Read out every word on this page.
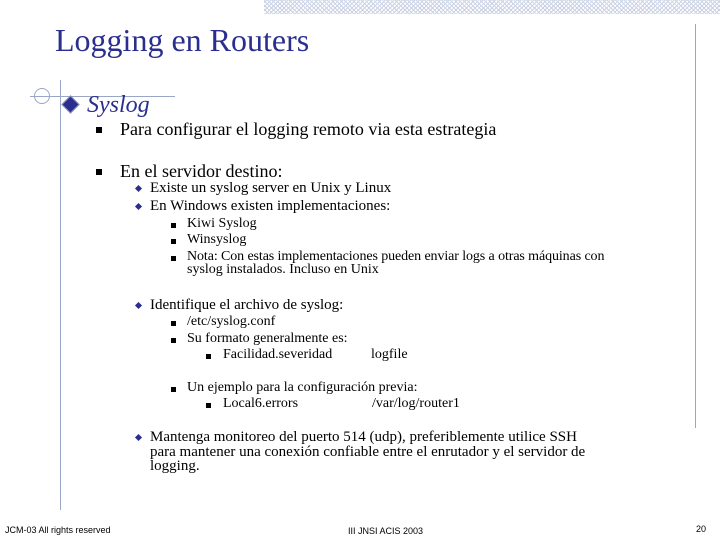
Logging en Routers
Syslog
Para configurar el logging remoto via esta estrategia
En el servidor destino:
Existe un syslog server en Unix y Linux
En Windows existen implementaciones:
Kiwi Syslog
Winsyslog
Nota: Con estas implementaciones pueden enviar logs a otras máquinas con
syslog instalados. Incluso en Unix
Identifique el archivo de syslog:
/etc/syslog.conf
Su formato generalmente es:
Facilidad.severidad	logfile
Un ejemplo para la configuración previa:
Local6.errors	/var/log/router1
Mantenga monitoreo del puerto 514 (udp), preferiblemente utilice SSH
para mantener una conexión confiable entre el enrutador y el servidor de
logging.
JCM-03 All rights reserved	III JNSI ACIS 2003	20
